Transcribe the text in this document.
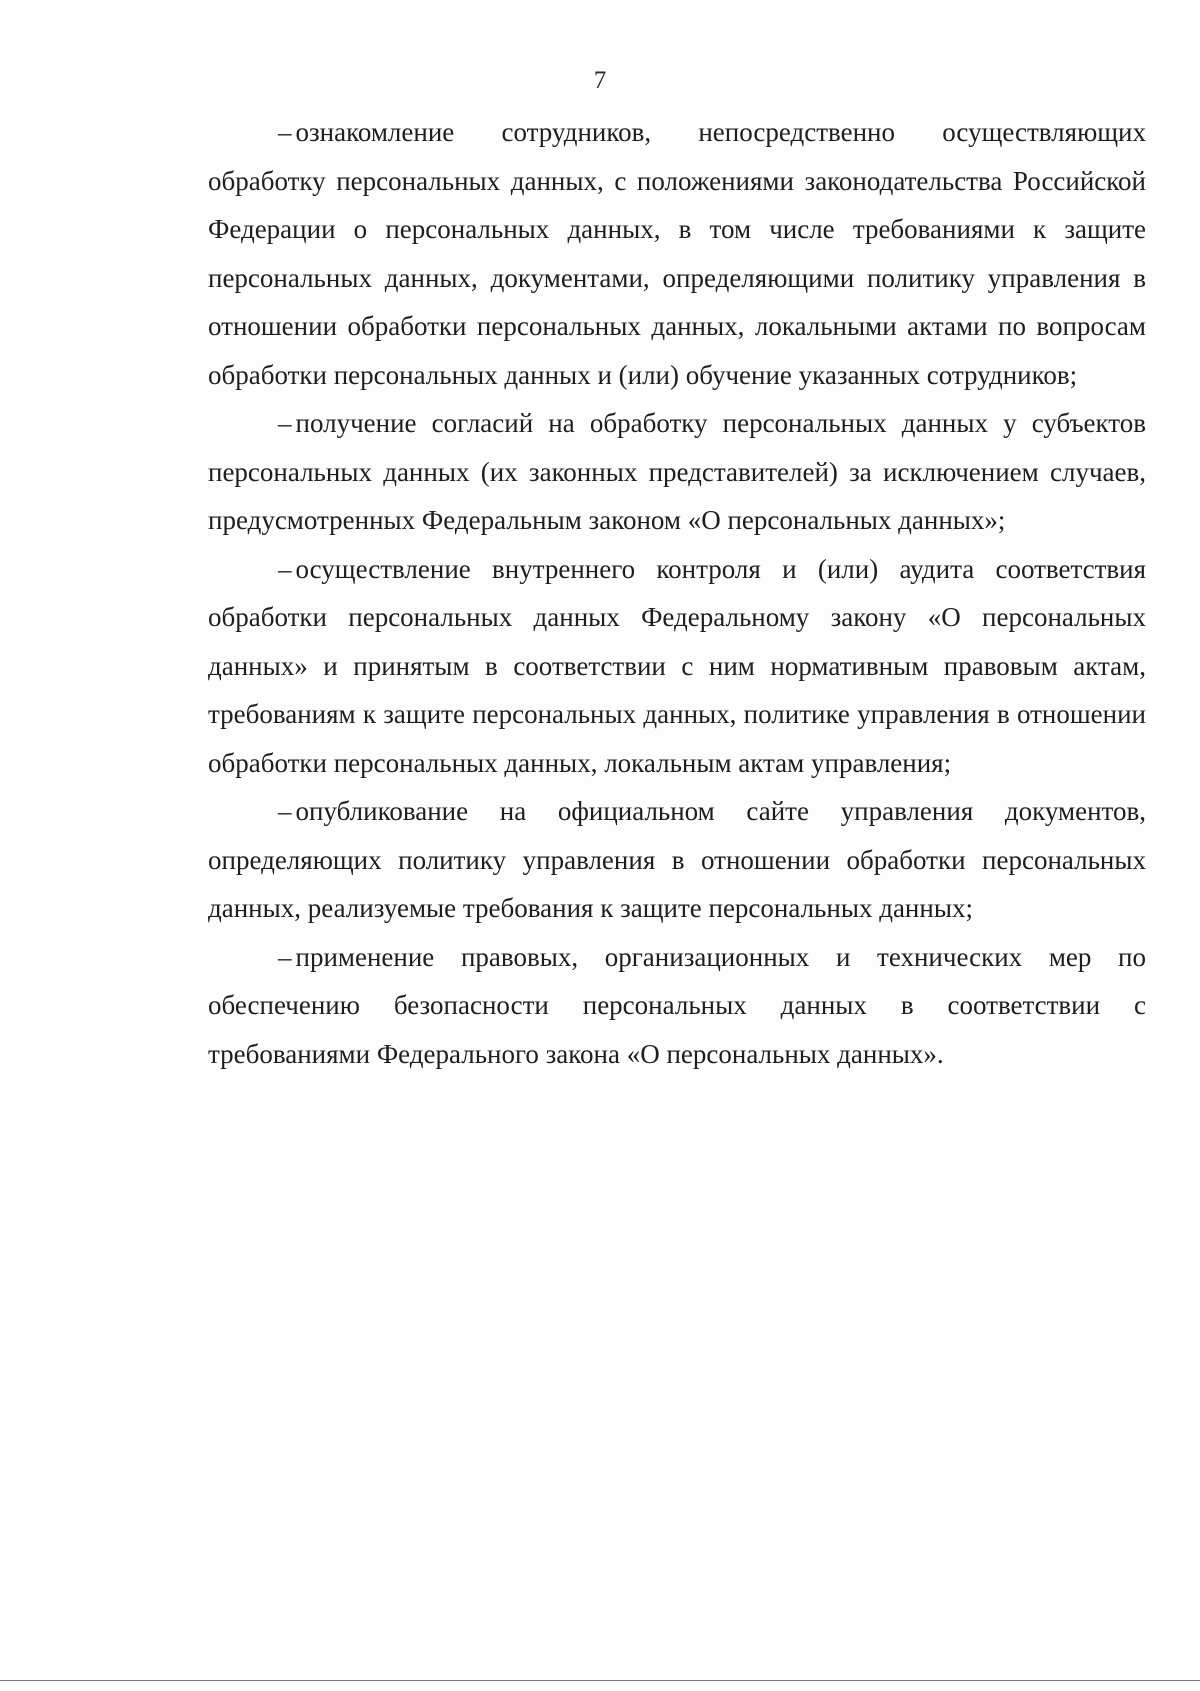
7

– ознакомление сотрудников, непосредственно осуществляющих обработку персональных данных, с положениями законодательства Российской Федерации о персональных данных, в том числе требованиями к защите персональных данных, документами, определяющими политику управления в отношении обработки персональных данных, локальными актами по вопросам обработки персональных данных и (или) обучение указанных сотрудников;

– получение согласий на обработку персональных данных у субъектов персональных данных (их законных представителей) за исключением случаев, предусмотренных Федеральным законом «О персональных данных»;

– осуществление внутреннего контроля и (или) аудита соответствия обработки персональных данных Федеральному закону «О персональных данных» и принятым в соответствии с ним нормативным правовым актам, требованиям к защите персональных данных, политике управления в отношении обработки персональных данных, локальным актам управления;

– опубликование на официальном сайте управления документов, определяющих политику управления в отношении обработки персональных данных, реализуемые требования к защите персональных данных;

– применение правовых, организационных и технических мер по обеспечению безопасности персональных данных в соответствии с требованиями Федерального закона «О персональных данных».
